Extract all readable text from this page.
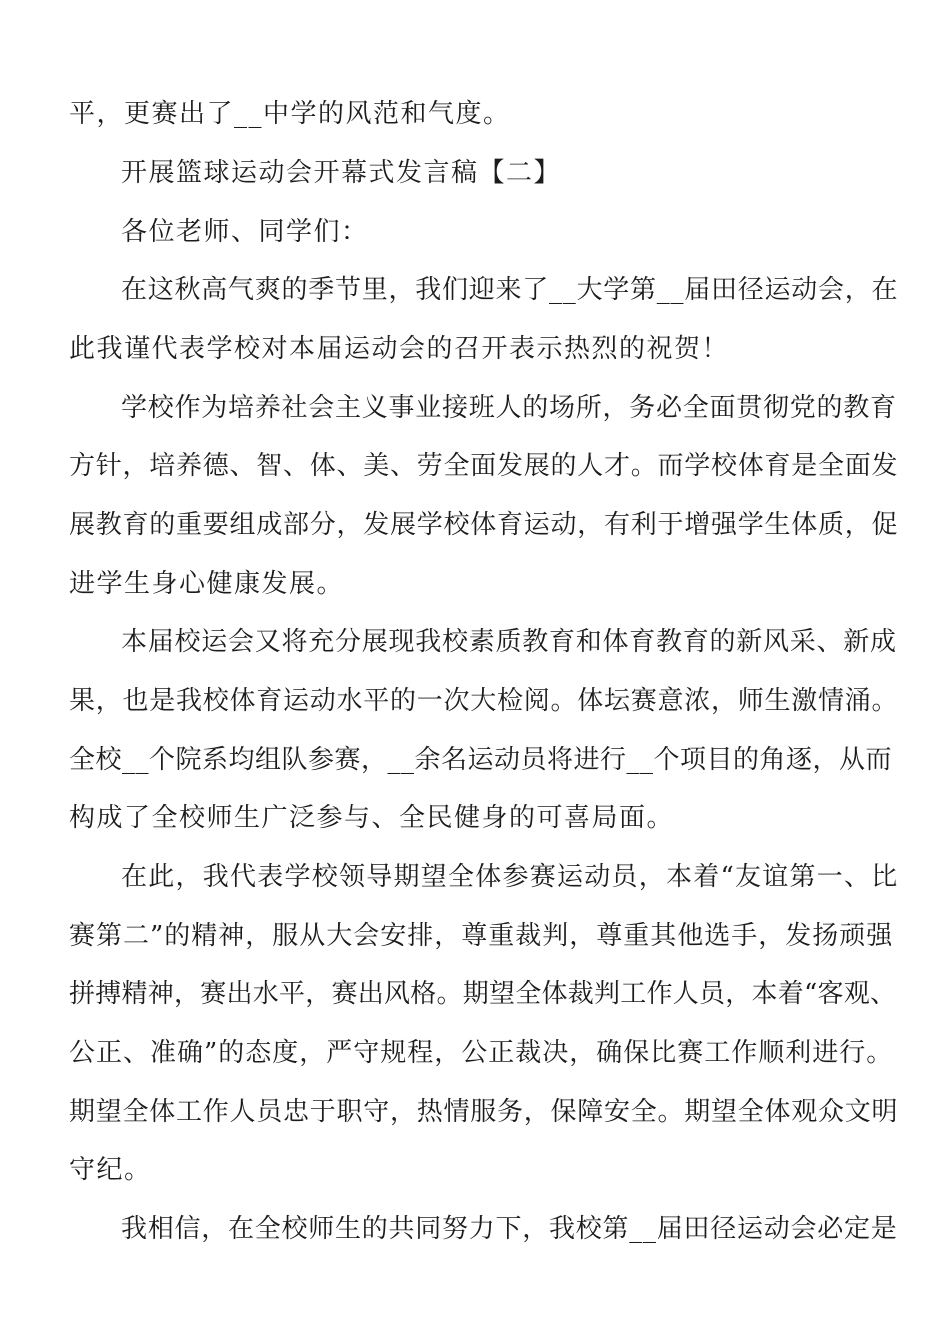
平，更赛出了__中学的风范和气度。
开展篮球运动会开幕式发言稿【二】
各位老师、同学们：
在这秋高气爽的季节里，我们迎来了__大学第__届田径运动会，在
此我谨代表学校对本届运动会的召开表示热烈的祝贺！
学校作为培养社会主义事业接班人的场所，务必全面贯彻党的教育
方针，培养德、智、体、美、劳全面发展的人才。而学校体育是全面发
展教育的重要组成部分，发展学校体育运动，有利于增强学生体质，促
进学生身心健康发展。
本届校运会又将充分展现我校素质教育和体育教育的新风采、新成
果，也是我校体育运动水平的一次大检阅。体坛赛意浓，师生激情涌。
全校__个院系均组队参赛，__余名运动员将进行__个项目的角逐，从而
构成了全校师生广泛参与、全民健身的可喜局面。
在此，我代表学校领导期望全体参赛运动员，本着“友谊第一、比
赛第二”的精神，服从大会安排，尊重裁判，尊重其他选手，发扬顽强
拼搏精神，赛出水平，赛出风格。期望全体裁判工作人员，本着“客观、
公正、准确”的态度，严守规程，公正裁决，确保比赛工作顺利进行。
期望全体工作人员忠于职守，热情服务，保障安全。期望全体观众文明
守纪。
我相信，在全校师生的共同努力下，我校第__届田径运动会必定是
